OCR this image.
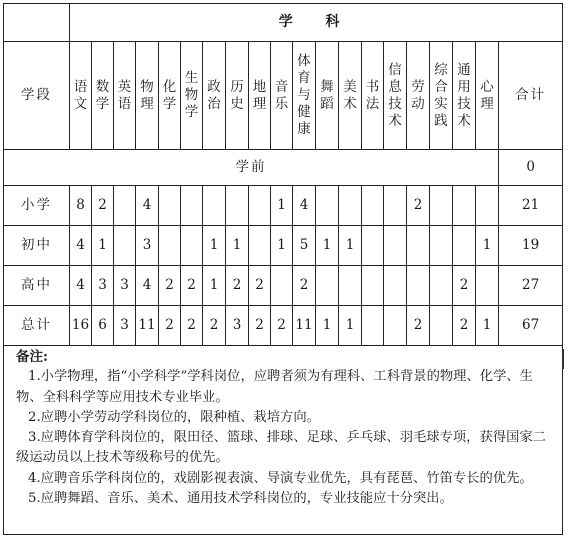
	学 科																			
学段	语文	数学	英语	物理	化学	生物学	政治	历史	地理	音乐	体育与健康	舞蹈	美术	书法	信息技术	劳动	综合实践	通用技术	心理	合计
学前																				0
小学	8	2		4						1	4					2				21
初中	4	1		3			1	1		1	5	1	1						1	19
高中	4	3	3	4	2	2	1	2	2		2							2		27
总计	16	6	3	11	2	2	2	3	2	2	11	1	1			2		2	1	67

备注:

1.小学物理，指“小学科学”学科岗位，应聘者须为有理科、工科背景的物理、化学、生物、全科科学等应用技术专业毕业。

2.应聘小学劳动学科岗位的，限种植、栽培方向。

3.应聘体育学科岗位的，限田径、篮球、排球、足球、乒乓球、羽毛球专项，获得国家二级运动员以上技术等级称号的优先。

4.应聘音乐学科岗位的，戏剧影视表演、导演专业优先，具有琵琶、竹笛专长的优先。

5.应聘舞蹈、音乐、美术、通用技术学科岗位的，专业技能应十分突出。
